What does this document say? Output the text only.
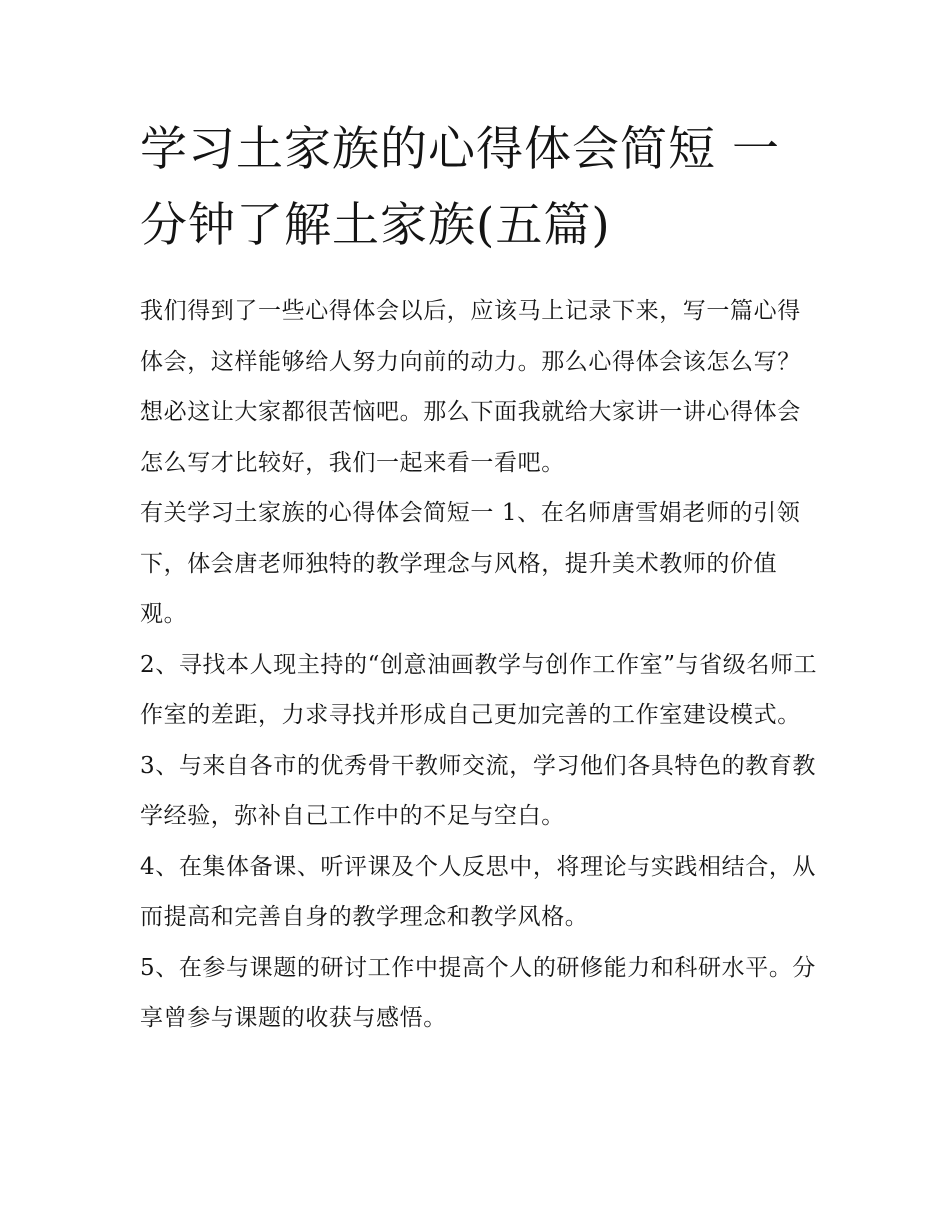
学习土家族的心得体会简短 一
分钟了解土家族(五篇)

我们得到了一些心得体会以后，应该马上记录下来，写一篇心得体会，这样能够给人努力向前的动力。那么心得体会该怎么写？想必这让大家都很苦恼吧。那么下面我就给大家讲一讲心得体会怎么写才比较好，我们一起来看一看吧。

有关学习土家族的心得体会简短一 1、在名师唐雪娟老师的引领下，体会唐老师独特的教学理念与风格，提升美术教师的价值观。

2、寻找本人现主持的“创意油画教学与创作工作室”与省级名师工作室的差距，力求寻找并形成自己更加完善的工作室建设模式。

3、与来自各市的优秀骨干教师交流，学习他们各具特色的教育教学经验，弥补自己工作中的不足与空白。

4、在集体备课、听评课及个人反思中，将理论与实践相结合，从而提高和完善自身的教学理念和教学风格。

5、在参与课题的研讨工作中提高个人的研修能力和科研水平。分享曾参与课题的收获与感悟。
